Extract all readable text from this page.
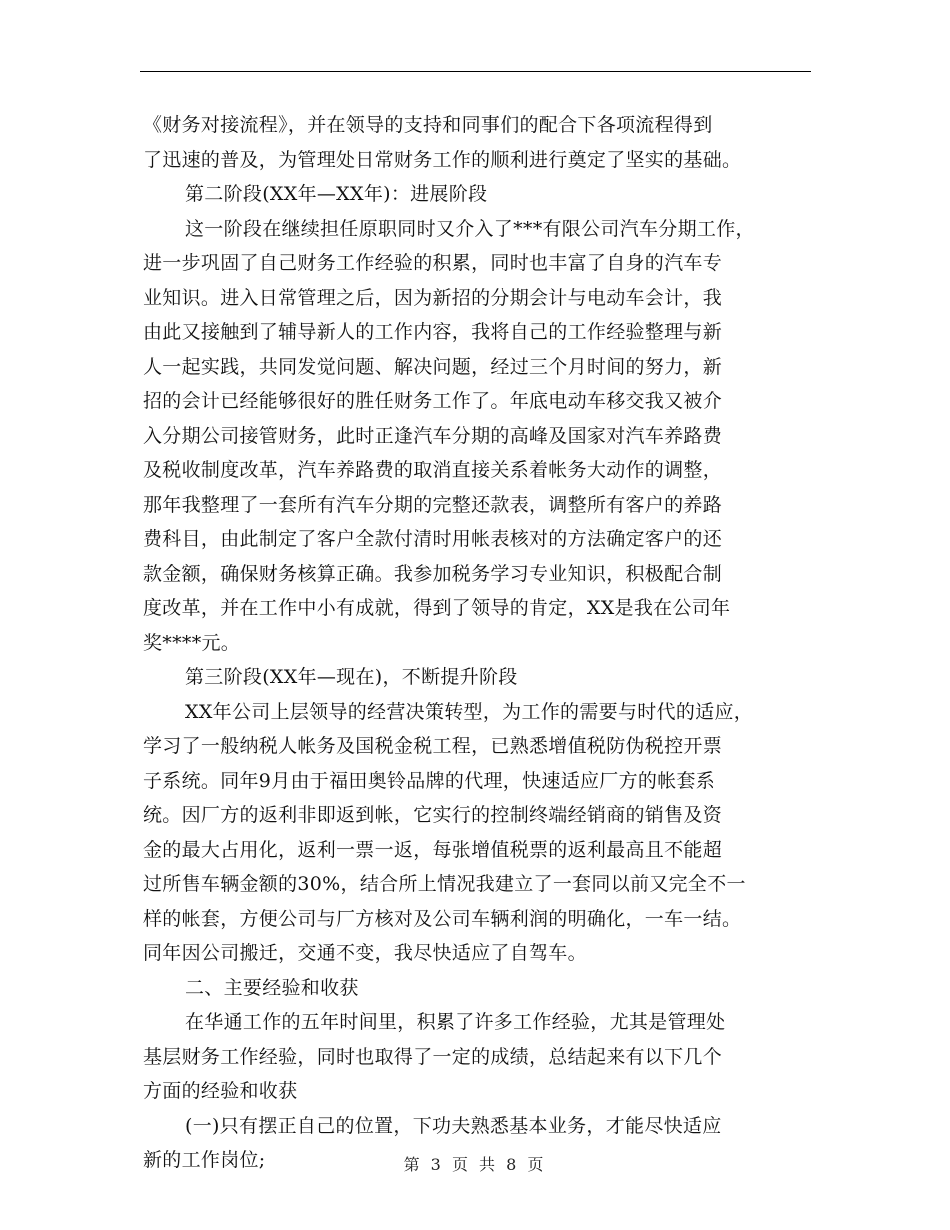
《财务对接流程》，并在领导的支持和同事们的配合下各项流程得到
了迅速的普及，为管理处日常财务工作的顺利进行奠定了坚实的基础。
第二阶段(XX年—XX年)：进展阶段
这一阶段在继续担任原职同时又介入了***有限公司汽车分期工作，
进一步巩固了自己财务工作经验的积累，同时也丰富了自身的汽车专
业知识。进入日常管理之后，因为新招的分期会计与电动车会计，我
由此又接触到了辅导新人的工作内容，我将自己的工作经验整理与新
人一起实践，共同发觉问题、解决问题，经过三个月时间的努力，新
招的会计已经能够很好的胜任财务工作了。年底电动车移交我又被介
入分期公司接管财务，此时正逢汽车分期的高峰及国家对汽车养路费
及税收制度改革，汽车养路费的取消直接关系着帐务大动作的调整，
那年我整理了一套所有汽车分期的完整还款表，调整所有客户的养路
费科目，由此制定了客户全款付清时用帐表核对的方法确定客户的还
款金额，确保财务核算正确。我参加税务学习专业知识，积极配合制
度改革，并在工作中小有成就，得到了领导的肯定，XX是我在公司年
奖****元。
第三阶段(XX年—现在)，不断提升阶段
XX年公司上层领导的经营决策转型，为工作的需要与时代的适应，
学习了一般纳税人帐务及国税金税工程，已熟悉增值税防伪税控开票
子系统。同年9月由于福田奥铃品牌的代理，快速适应厂方的帐套系
统。因厂方的返利非即返到帐，它实行的控制终端经销商的销售及资
金的最大占用化，返利一票一返，每张增值税票的返利最高且不能超
过所售车辆金额的30%，结合所上情况我建立了一套同以前又完全不一
样的帐套，方便公司与厂方核对及公司车辆利润的明确化，一车一结。
同年因公司搬迁，交通不变，我尽快适应了自驾车。
二、主要经验和收获
在华通工作的五年时间里，积累了许多工作经验，尤其是管理处
基层财务工作经验，同时也取得了一定的成绩，总结起来有以下几个
方面的经验和收获
(一)只有摆正自己的位置，下功夫熟悉基本业务，才能尽快适应
新的工作岗位;	第 3 页 共 8 页
